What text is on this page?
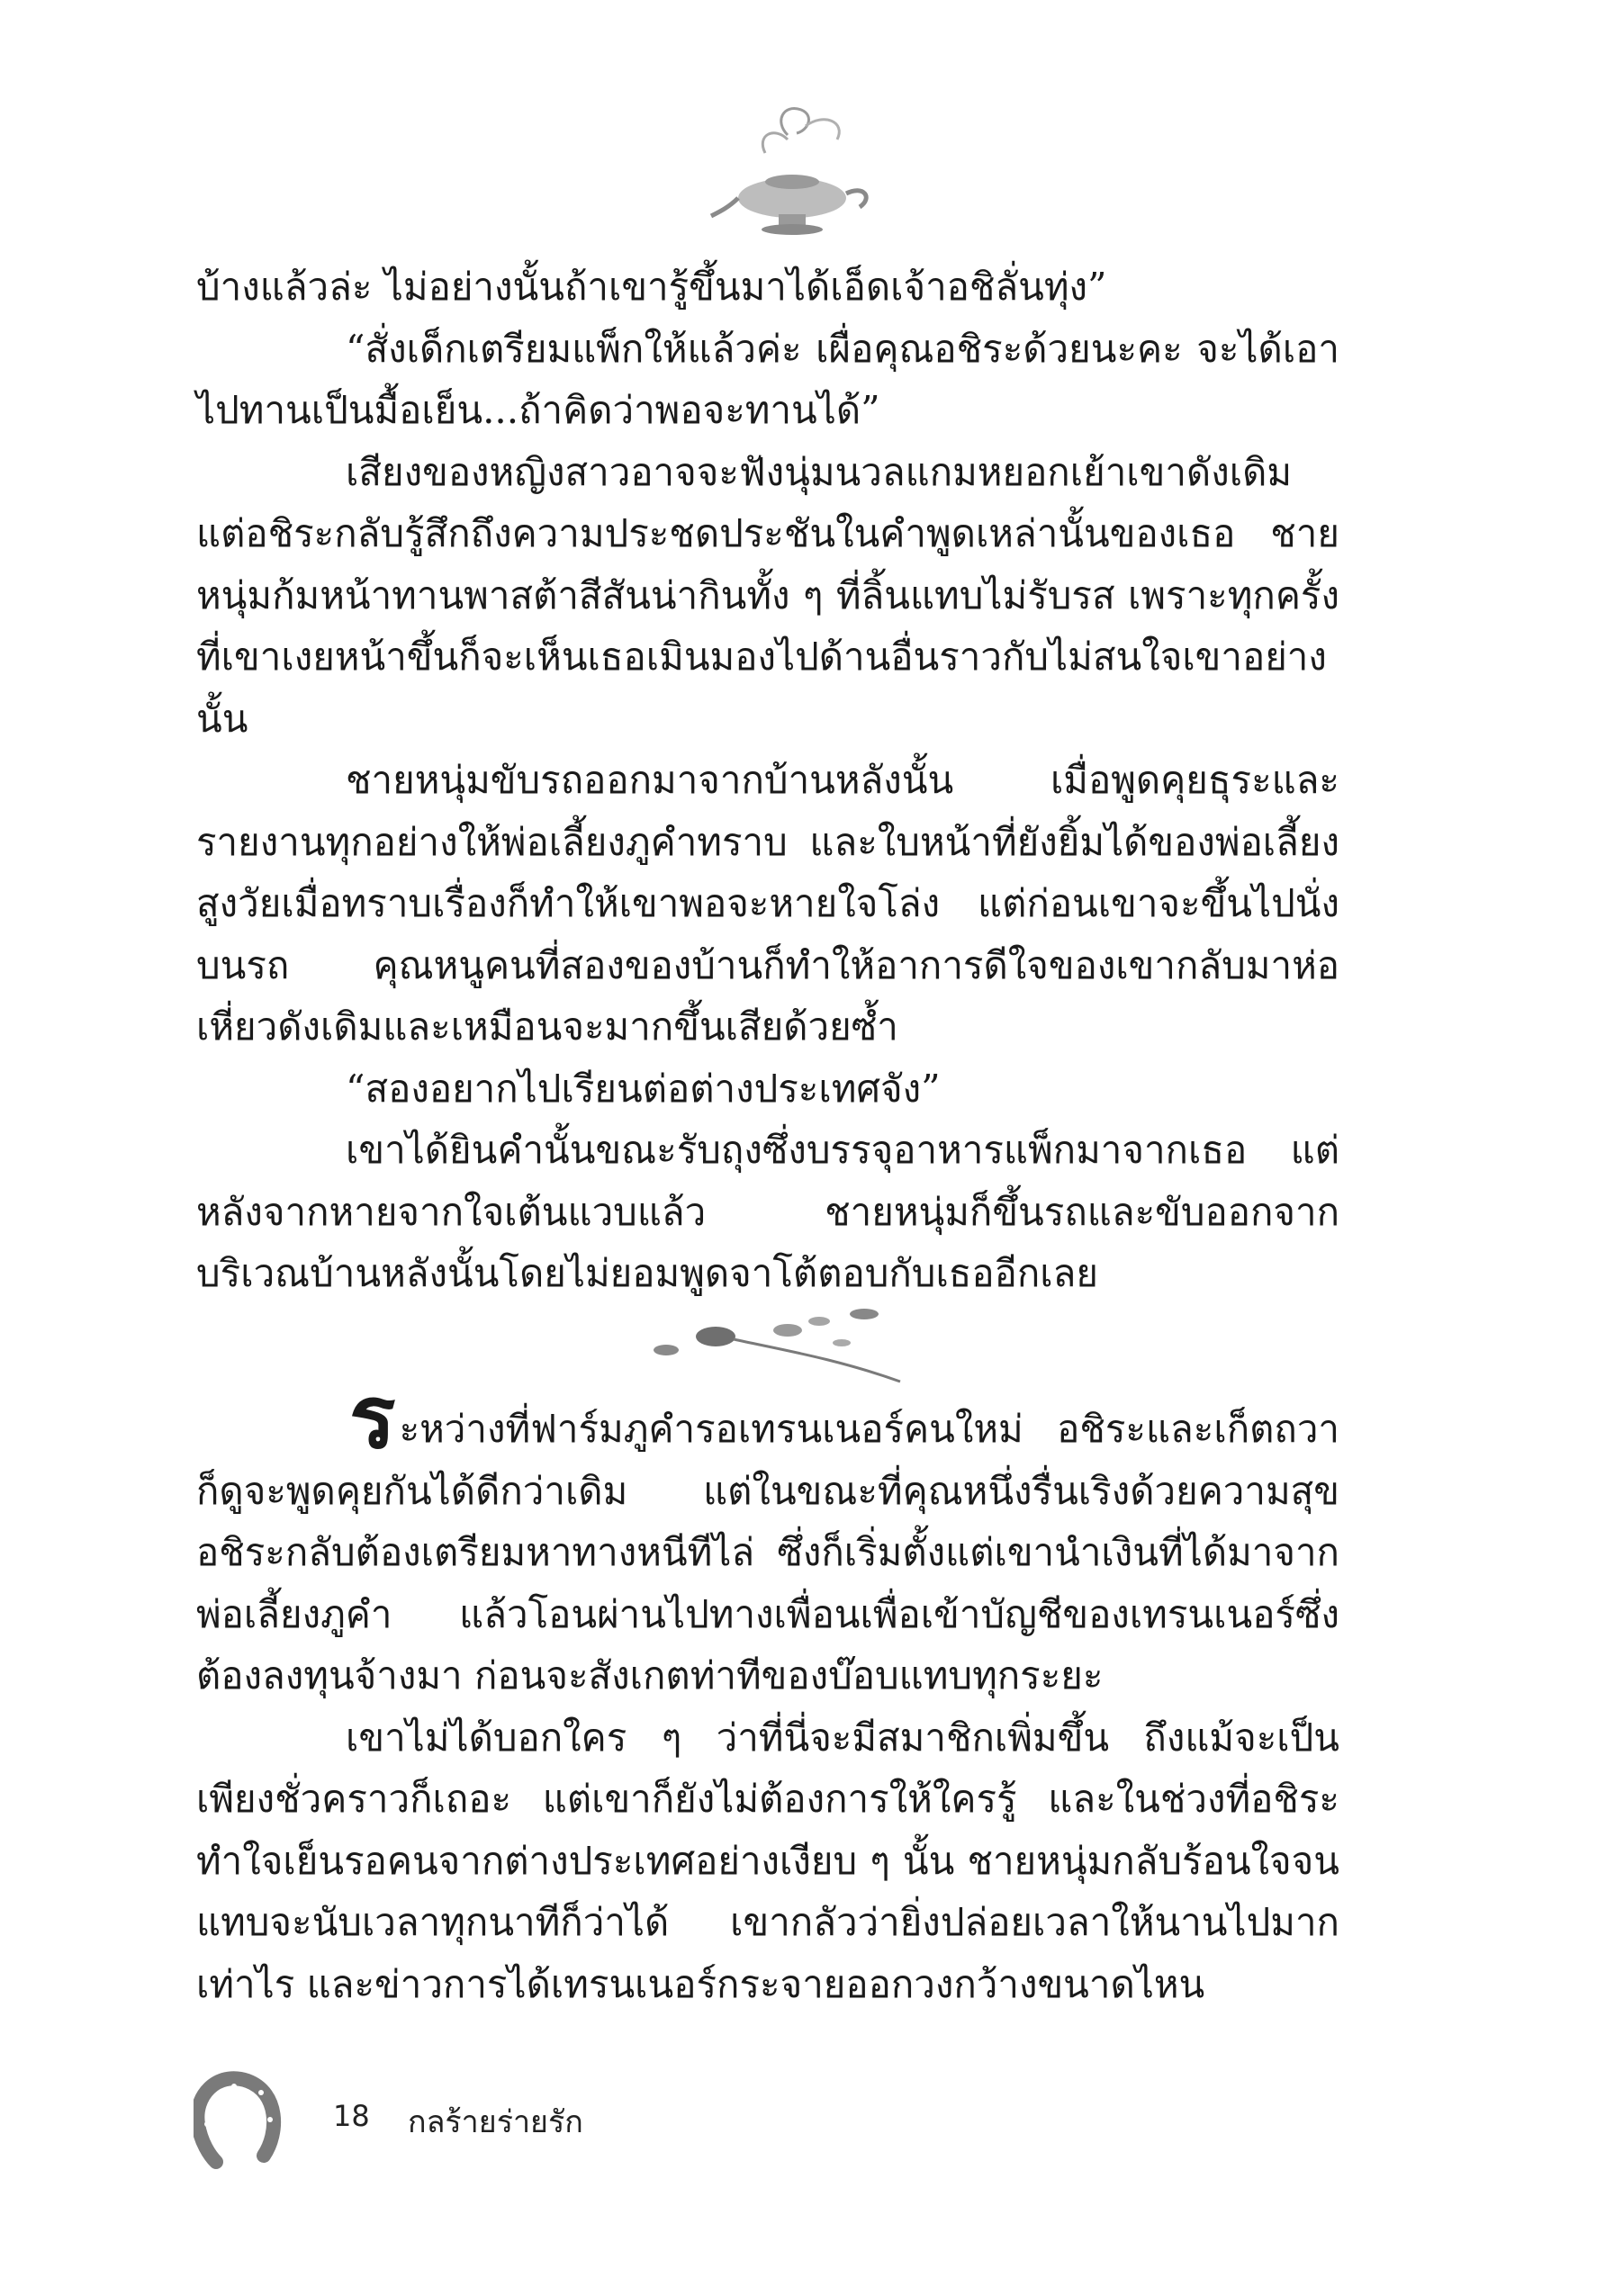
บ้างแล้วล่ะ ไม่อย่างนั้นถ้าเขารู้ขึ้นมาได้เอ็ดเจ้าอชิลั่นทุ่ง”

“สั่งเด็กเตรียมแพ็กให้แล้วค่ะ เผื่อคุณอชิระด้วยนะคะ จะได้เอาไปทานเป็นมื้อเย็น...ถ้าคิดว่าพอจะทานได้”

เสียงของหญิงสาวอาจจะฟังนุ่มนวลแกมหยอกเย้าเขาดังเดิม แต่อชิระกลับรู้สึกถึงความประชดประชันในคำพูดเหล่านั้นของเธอ ชายหนุ่มก้มหน้าทานพาสต้าสีสันน่ากินทั้ง ๆ ที่ลิ้นแทบไม่รับรส เพราะทุกครั้งที่เขาเงยหน้าขึ้นก็จะเห็นเธอเมินมองไปด้านอื่นราวกับไม่สนใจเขาอย่างนั้น

ชายหนุ่มขับรถออกมาจากบ้านหลังนั้น เมื่อพูดคุยธุระและรายงานทุกอย่างให้พ่อเลี้ยงภูคำทราบ และใบหน้าที่ยังยิ้มได้ของพ่อเลี้ยงสูงวัยเมื่อทราบเรื่องก็ทำให้เขาพอจะหายใจโล่ง แต่ก่อนเขาจะขึ้นไปนั่งบนรถ คุณหนูคนที่สองของบ้านก็ทำให้อาการดีใจของเขากลับมาห่อเหี่ยวดังเดิมและเหมือนจะมากขึ้นเสียด้วยซ้ำ

“สองอยากไปเรียนต่อต่างประเทศจัง”

เขาได้ยินคำนั้นขณะรับถุงซึ่งบรรจุอาหารแพ็กมาจากเธอ แต่หลังจากหายจากใจเต้นแวบแล้ว ชายหนุ่มก็ขึ้นรถและขับออกจากบริเวณบ้านหลังนั้นโดยไม่ยอมพูดจาโต้ตอบกับเธออีกเลย

ระหว่างที่ฟาร์มภูคำรอเทรนเนอร์คนใหม่ อชิระและเก็ตถวาก็ดูจะพูดคุยกันได้ดีกว่าเดิม แต่ในขณะที่คุณหนึ่งรื่นเริงด้วยความสุข อชิระกลับต้องเตรียมหาทางหนีทีไล่ ซึ่งก็เริ่มตั้งแต่เขานำเงินที่ได้มาจากพ่อเลี้ยงภูคำ แล้วโอนผ่านไปทางเพื่อนเพื่อเข้าบัญชีของเทรนเนอร์ซึ่งต้องลงทุนจ้างมา ก่อนจะสังเกตท่าทีของบ๊อบแทบทุกระยะ

เขาไม่ได้บอกใคร ๆ ว่าที่นี่จะมีสมาชิกเพิ่มขึ้น ถึงแม้จะเป็นเพียงชั่วคราวก็เถอะ แต่เขาก็ยังไม่ต้องการให้ใครรู้ และในช่วงที่อชิระทำใจเย็นรอคนจากต่างประเทศอย่างเงียบ ๆ นั้น ชายหนุ่มกลับร้อนใจจนแทบจะนับเวลาทุกนาทีก็ว่าได้ เขากลัวว่ายิ่งปล่อยเวลาให้นานไปมากเท่าไร และข่าวการได้เทรนเนอร์กระจายออกวงกว้างขนาดไหน

18 กลร้ายร่ายรัก
